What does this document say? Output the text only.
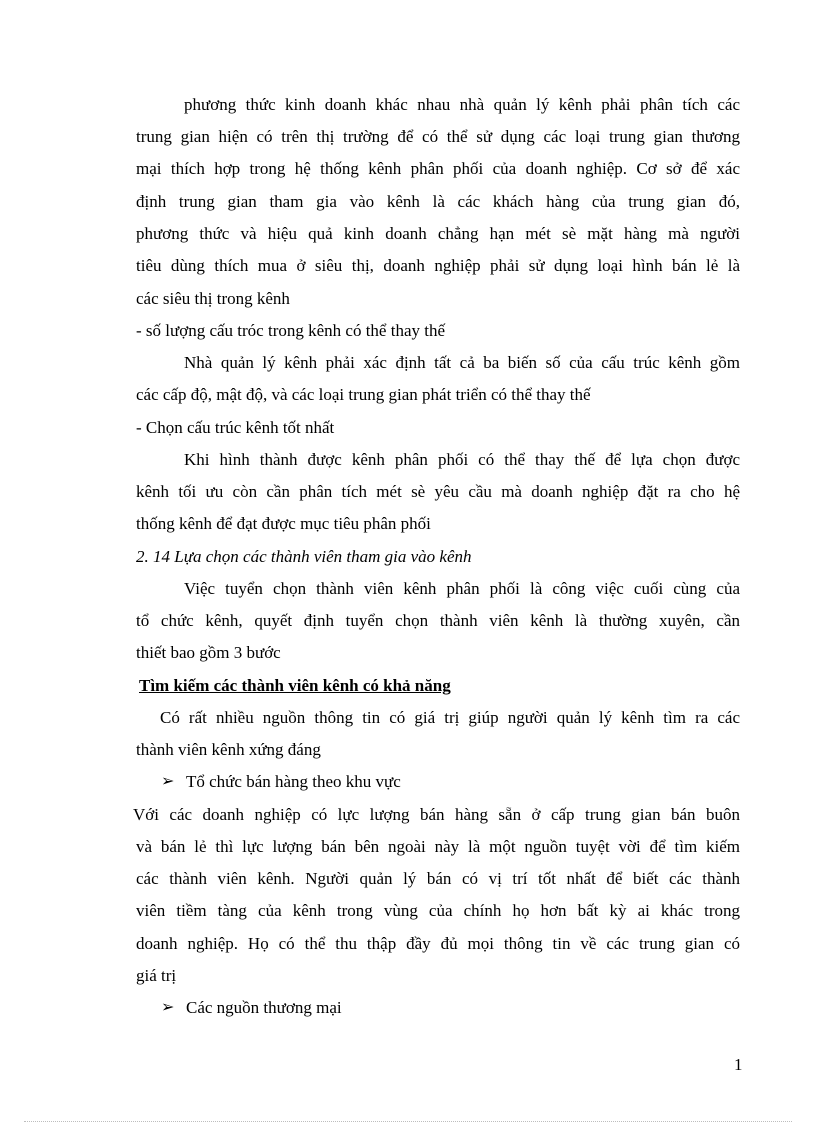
phương thức kinh doanh khác nhau nhà quản lý kênh phải phân tích các
trung gian hiện có trên thị trường để có thể sử dụng các loại trung gian thương
mại thích hợp trong hệ thống kênh phân phối của doanh nghiệp. Cơ sở để xác
định trung gian tham gia vào kênh là các khách hàng của trung gian đó,
phương thức và hiệu quả kinh doanh chẳng hạn mét sè mặt hàng mà người
tiêu dùng thích mua ở siêu thị, doanh nghiệp phải sử dụng loại hình bán lẻ là
các siêu thị trong kênh
- số lượng cấu tróc trong kênh có thể thay thế
Nhà quản lý kênh phải xác định tất cả ba biến số của cấu trúc kênh gồm
các cấp độ, mật độ, và các loại trung gian phát triển có thể thay thế
- Chọn cấu trúc kênh tốt nhất
Khi hình thành được kênh phân phối có thể thay thế để lựa chọn được
kênh tối ưu còn cần phân tích mét sè yêu cầu mà doanh nghiệp đặt ra cho hệ
thống kênh để đạt được mục tiêu phân phối
2. 14 Lựa chọn các thành viên tham gia vào kênh
Việc tuyển chọn thành viên kênh phân phối là công việc cuối cùng của
tổ chức kênh, quyết định tuyển chọn thành viên kênh là thường xuyên, cần
thiết bao gồm 3 bước
Tìm kiếm các thành viên kênh có khả năng
Có rất nhiều nguồn thông tin có giá trị giúp người quản lý kênh tìm ra các
thành viên kênh xứng đáng
➢ Tổ chức bán hàng theo khu vực
Với các doanh nghiệp có lực lượng bán hàng sẵn ở cấp trung gian bán buôn
và bán lẻ thì lực lượng bán bên ngoài này là một nguồn tuyệt vời để tìm kiếm
các thành viên kênh. Người quản lý bán có vị trí tốt nhất để biết các thành
viên tiềm tàng của kênh trong vùng của chính họ hơn bất kỳ ai khác trong
doanh nghiệp. Họ có thể thu thập đầy đủ mọi thông tin về các trung gian có
giá trị
➢ Các nguồn thương mại
1
